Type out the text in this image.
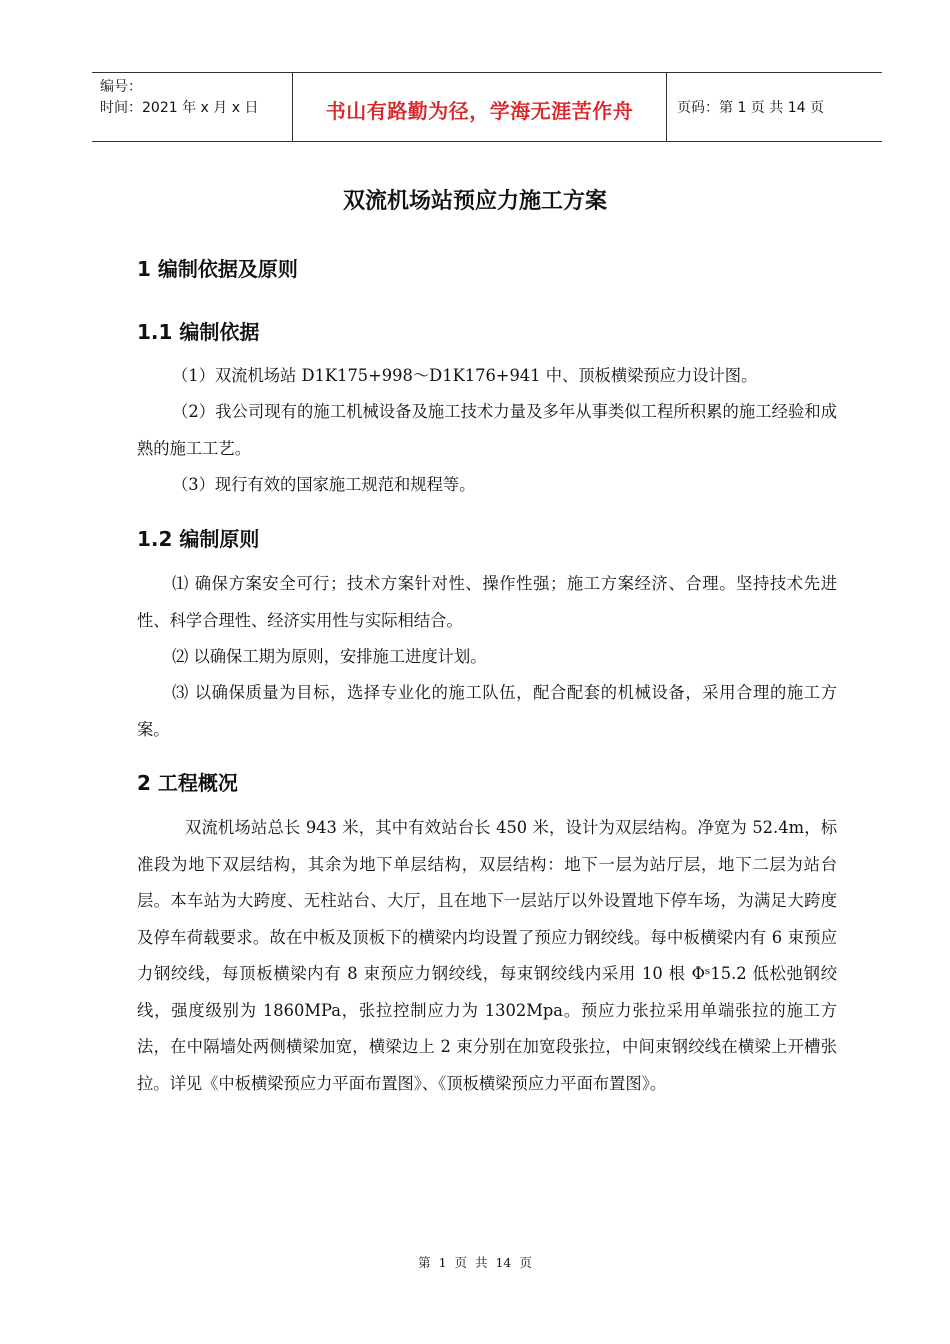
编号：
时间：2021 年 x 月 x 日	书山有路勤为径，学海无涯苦作舟	页码：第 1 页 共 14 页
双流机场站预应力施工方案
1 编制依据及原则
1.1 编制依据

（1）双流机场站 D1K175+998～D1K176+941 中、顶板横梁预应力设计图。

（2）我公司现有的施工机械设备及施工技术力量及多年从事类似工程所积累的施工经验和成熟的施工工艺。

（3）现行有效的国家施工规范和规程等。

1.2 编制原则

⑴ 确保方案安全可行；技术方案针对性、操作性强；施工方案经济、合理。坚持技术先进性、科学合理性、经济实用性与实际相结合。

⑵ 以确保工期为原则，安排施工进度计划。

⑶ 以确保质量为目标，选择专业化的施工队伍，配合配套的机械设备，采用合理的施工方案。

2 工程概况

双流机场站总长 943 米，其中有效站台长 450 米，设计为双层结构。净宽为 52.4m，标准段为地下双层结构，其余为地下单层结构，双层结构：地下一层为站厅层，地下二层为站台层。本车站为大跨度、无柱站台、大厅，且在地下一层站厅以外设置地下停车场，为满足大跨度及停车荷载要求。故在中板及顶板下的横梁内均设置了预应力钢绞线。每中板横梁内有 6 束预应力钢绞线，每顶板横梁内有 8 束预应力钢绞线，每束钢绞线内采用 10 根 Φˢ15.2 低松弛钢绞线，强度级别为 1860MPa，张拉控制应力为 1302Mpa。预应力张拉采用单端张拉的施工方法，在中隔墙处两侧横梁加宽，横梁边上 2 束分别在加宽段张拉，中间束钢绞线在横梁上开槽张拉。详见《中板横梁预应力平面布置图》、《顶板横梁预应力平面布置图》。

第 1 页 共 14 页
